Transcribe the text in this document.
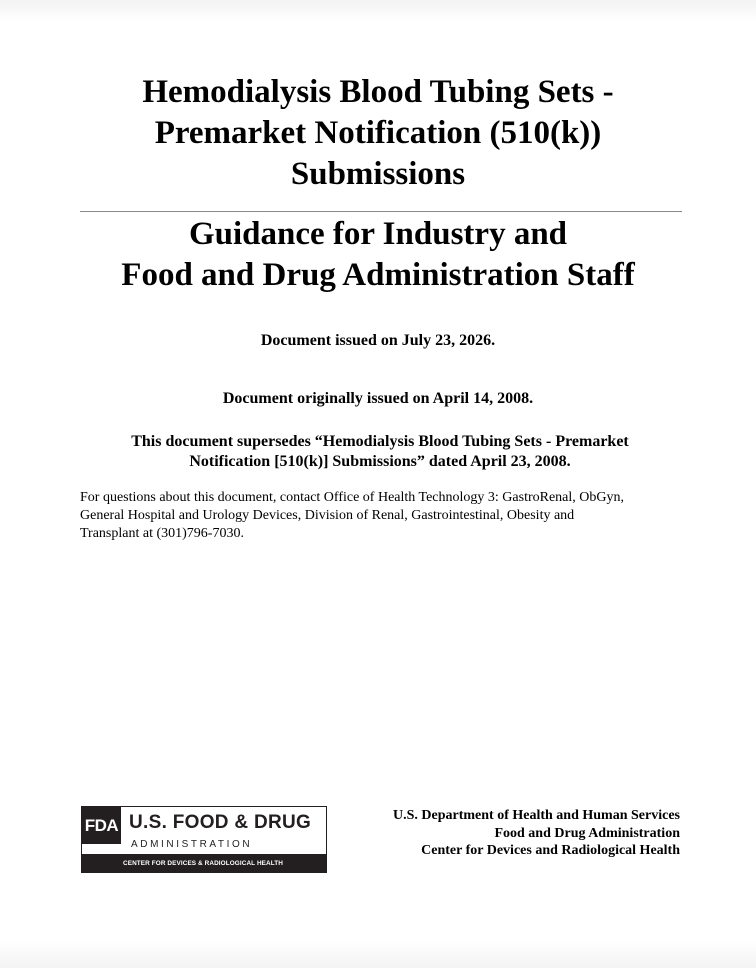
Hemodialysis Blood Tubing Sets -
Premarket Notification (510(k))
Submissions
Guidance for Industry and
Food and Drug Administration Staff

Document issued on July 23, 2026.

Document originally issued on April 14, 2008.

This document supersedes “Hemodialysis Blood Tubing Sets - Premarket
Notification [510(k)] Submissions” dated April 23, 2008.

For questions about this document, contact Office of Health Technology 3: GastroRenal, ObGyn,
General Hospital and Urology Devices, Division of Renal, Gastrointestinal, Obesity and
Transplant at (301)796-7030.

FDA U.S. FOOD & DRUG
ADMINISTRATION
CENTER FOR DEVICES & RADIOLOGICAL HEALTH

U.S. Department of Health and Human Services
Food and Drug Administration
Center for Devices and Radiological Health
